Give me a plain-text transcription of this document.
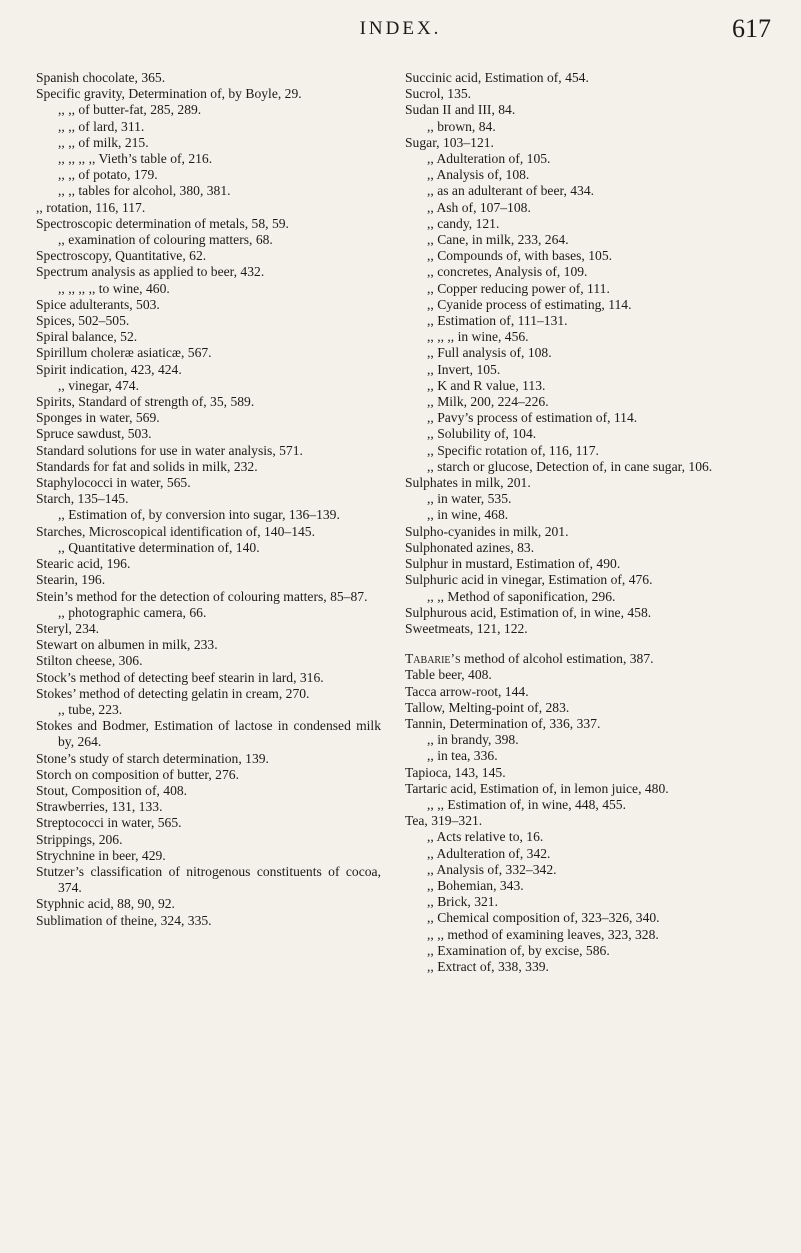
INDEX.	617
Spanish chocolate, 365.
Specific gravity, Determination of, by Boyle, 29.
,, ,, of butter-fat, 285, 289.
,, ,, of lard, 311.
,, ,, of milk, 215.
,, ,, ,, ,, Vieth’s table of, 216.
,, ,, of potato, 179.
,, ,, tables for alcohol, 380, 381.
,, rotation, 116, 117.
Spectroscopic determination of metals, 58, 59.
,, examination of colouring matters, 68.
Spectroscopy, Quantitative, 62.
Spectrum analysis as applied to beer, 432.
,, ,, ,, ,, to wine, 460.
Spice adulterants, 503.
Spices, 502–505.
Spiral balance, 52.
Spirillum choleræ asiaticæ, 567.
Spirit indication, 423, 424.
,, vinegar, 474.
Spirits, Standard of strength of, 35, 589.
Sponges in water, 569.
Spruce sawdust, 503.
Standard solutions for use in water analysis, 571.
Standards for fat and solids in milk, 232.
Staphylococci in water, 565.
Starch, 135–145.
,, Estimation of, by conversion into sugar, 136–139.
Starches, Microscopical identification of, 140–145.
,, Quantitative determination of, 140.
Stearic acid, 196.
Stearin, 196.
Stein’s method for the detection of colouring matters, 85–87.
,, photographic camera, 66.
Steryl, 234.
Stewart on albumen in milk, 233.
Stilton cheese, 306.
Stock’s method of detecting beef stearin in lard, 316.
Stokes’ method of detecting gelatin in cream, 270.
,, tube, 223.
Stokes and Bodmer, Estimation of lactose in condensed milk by, 264.
Stone’s study of starch determination, 139.
Storch on composition of butter, 276.
Stout, Composition of, 408.
Strawberries, 131, 133.
Streptococci in water, 565.
Strippings, 206.
Strychnine in beer, 429.
Stutzer’s classification of nitrogenous constituents of cocoa, 374.
Styphnic acid, 88, 90, 92.
Sublimation of theine, 324, 335.
Succinic acid, Estimation of, 454.
Sucrol, 135.
Sudan II and III, 84.
,, brown, 84.
Sugar, 103–121.
,, Adulteration of, 105.
,, Analysis of, 108.
,, as an adulterant of beer, 434.
,, Ash of, 107–108.
,, candy, 121.
,, Cane, in milk, 233, 264.
,, Compounds of, with bases, 105.
,, concretes, Analysis of, 109.
,, Copper reducing power of, 111.
,, Cyanide process of estimating, 114.
,, Estimation of, 111–131.
,, ,, ,, in wine, 456.
,, Full analysis of, 108.
,, Invert, 105.
,, K and R value, 113.
,, Milk, 200, 224–226.
,, Pavy’s process of estimation of, 114.
,, Solubility of, 104.
,, Specific rotation of, 116, 117.
,, starch or glucose, Detection of, in cane sugar, 106.
Sulphates in milk, 201.
,, in water, 535.
,, in wine, 468.
Sulpho-cyanides in milk, 201.
Sulphonated azines, 83.
Sulphur in mustard, Estimation of, 490.
Sulphuric acid in vinegar, Estimation of, 476.
,, ,, Method of saponification, 296.
Sulphurous acid, Estimation of, in wine, 458.
Sweetmeats, 121, 122.
Tabarie’s method of alcohol estimation, 387.
Table beer, 408.
Tacca arrow-root, 144.
Tallow, Melting-point of, 283.
Tannin, Determination of, 336, 337.
,, in brandy, 398.
,, in tea, 336.
Tapioca, 143, 145.
Tartaric acid, Estimation of, in lemon juice, 480.
,, ,, Estimation of, in wine, 448, 455.
Tea, 319–321.
,, Acts relative to, 16.
,, Adulteration of, 342.
,, Analysis of, 332–342.
,, Bohemian, 343.
,, Brick, 321.
,, Chemical composition of, 323–326, 340.
,, ,, method of examining leaves, 323, 328.
,, Examination of, by excise, 586.
,, Extract of, 338, 339.
